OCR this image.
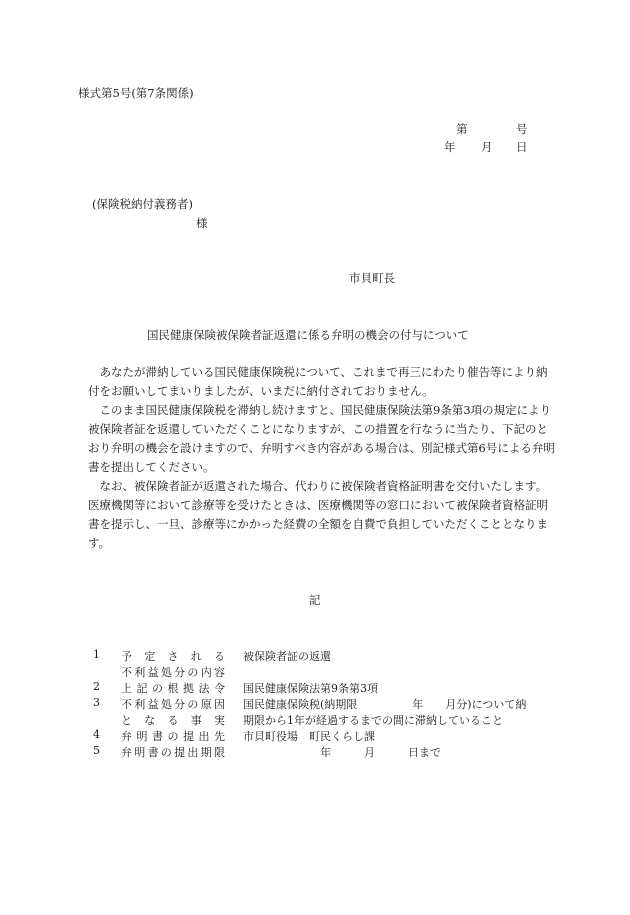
様式第5号(第7条関係)
第	号
年 月 日
(保険税納付義務者)
様
市貝町長
国民健康保険被保険者証返還に係る弁明の機会の付与について

あなたが滞納している国民健康保険税について、これまで再三にわたり催告等により納付をお願いしてまいりましたが、いまだに納付されておりません。

このまま国民健康保険税を滞納し続けますと、国民健康保険法第9条第3項の規定により被保険者証を返還していただくことになりますが、この措置を行なうに当たり、下記のとおり弁明の機会を設けますので、弁明すべき内容がある場合は、別記様式第6号による弁明書を提出してください。

なお、被保険者証が返還された場合、代わりに被保険者資格証明書を交付いたします。医療機関等において診療等を受けたときは、医療機関等の窓口において被保険者資格証明書を提示し、一旦、診療等にかかった経費の全額を自費で負担していただくこととなります。

記
1 予 定 さ れ る 被保険者証の返還
不 利 益 処 分 の 内 容
2 上 記 の 根 拠 法 令 国民健康保険法第9条第3項
3 不 利 益 処 分 の 原 因 国民健康保険税(納期限　　　　　年　　月分)について納
と な る 事 実 期限から1年が経過するまでの間に滞納していること
4 弁 明 書 の 提 出 先 市貝町役場　町民くらし課
5 弁 明 書 の 提 出 期 限 　　　　　　　年　　　月　　　日まで
